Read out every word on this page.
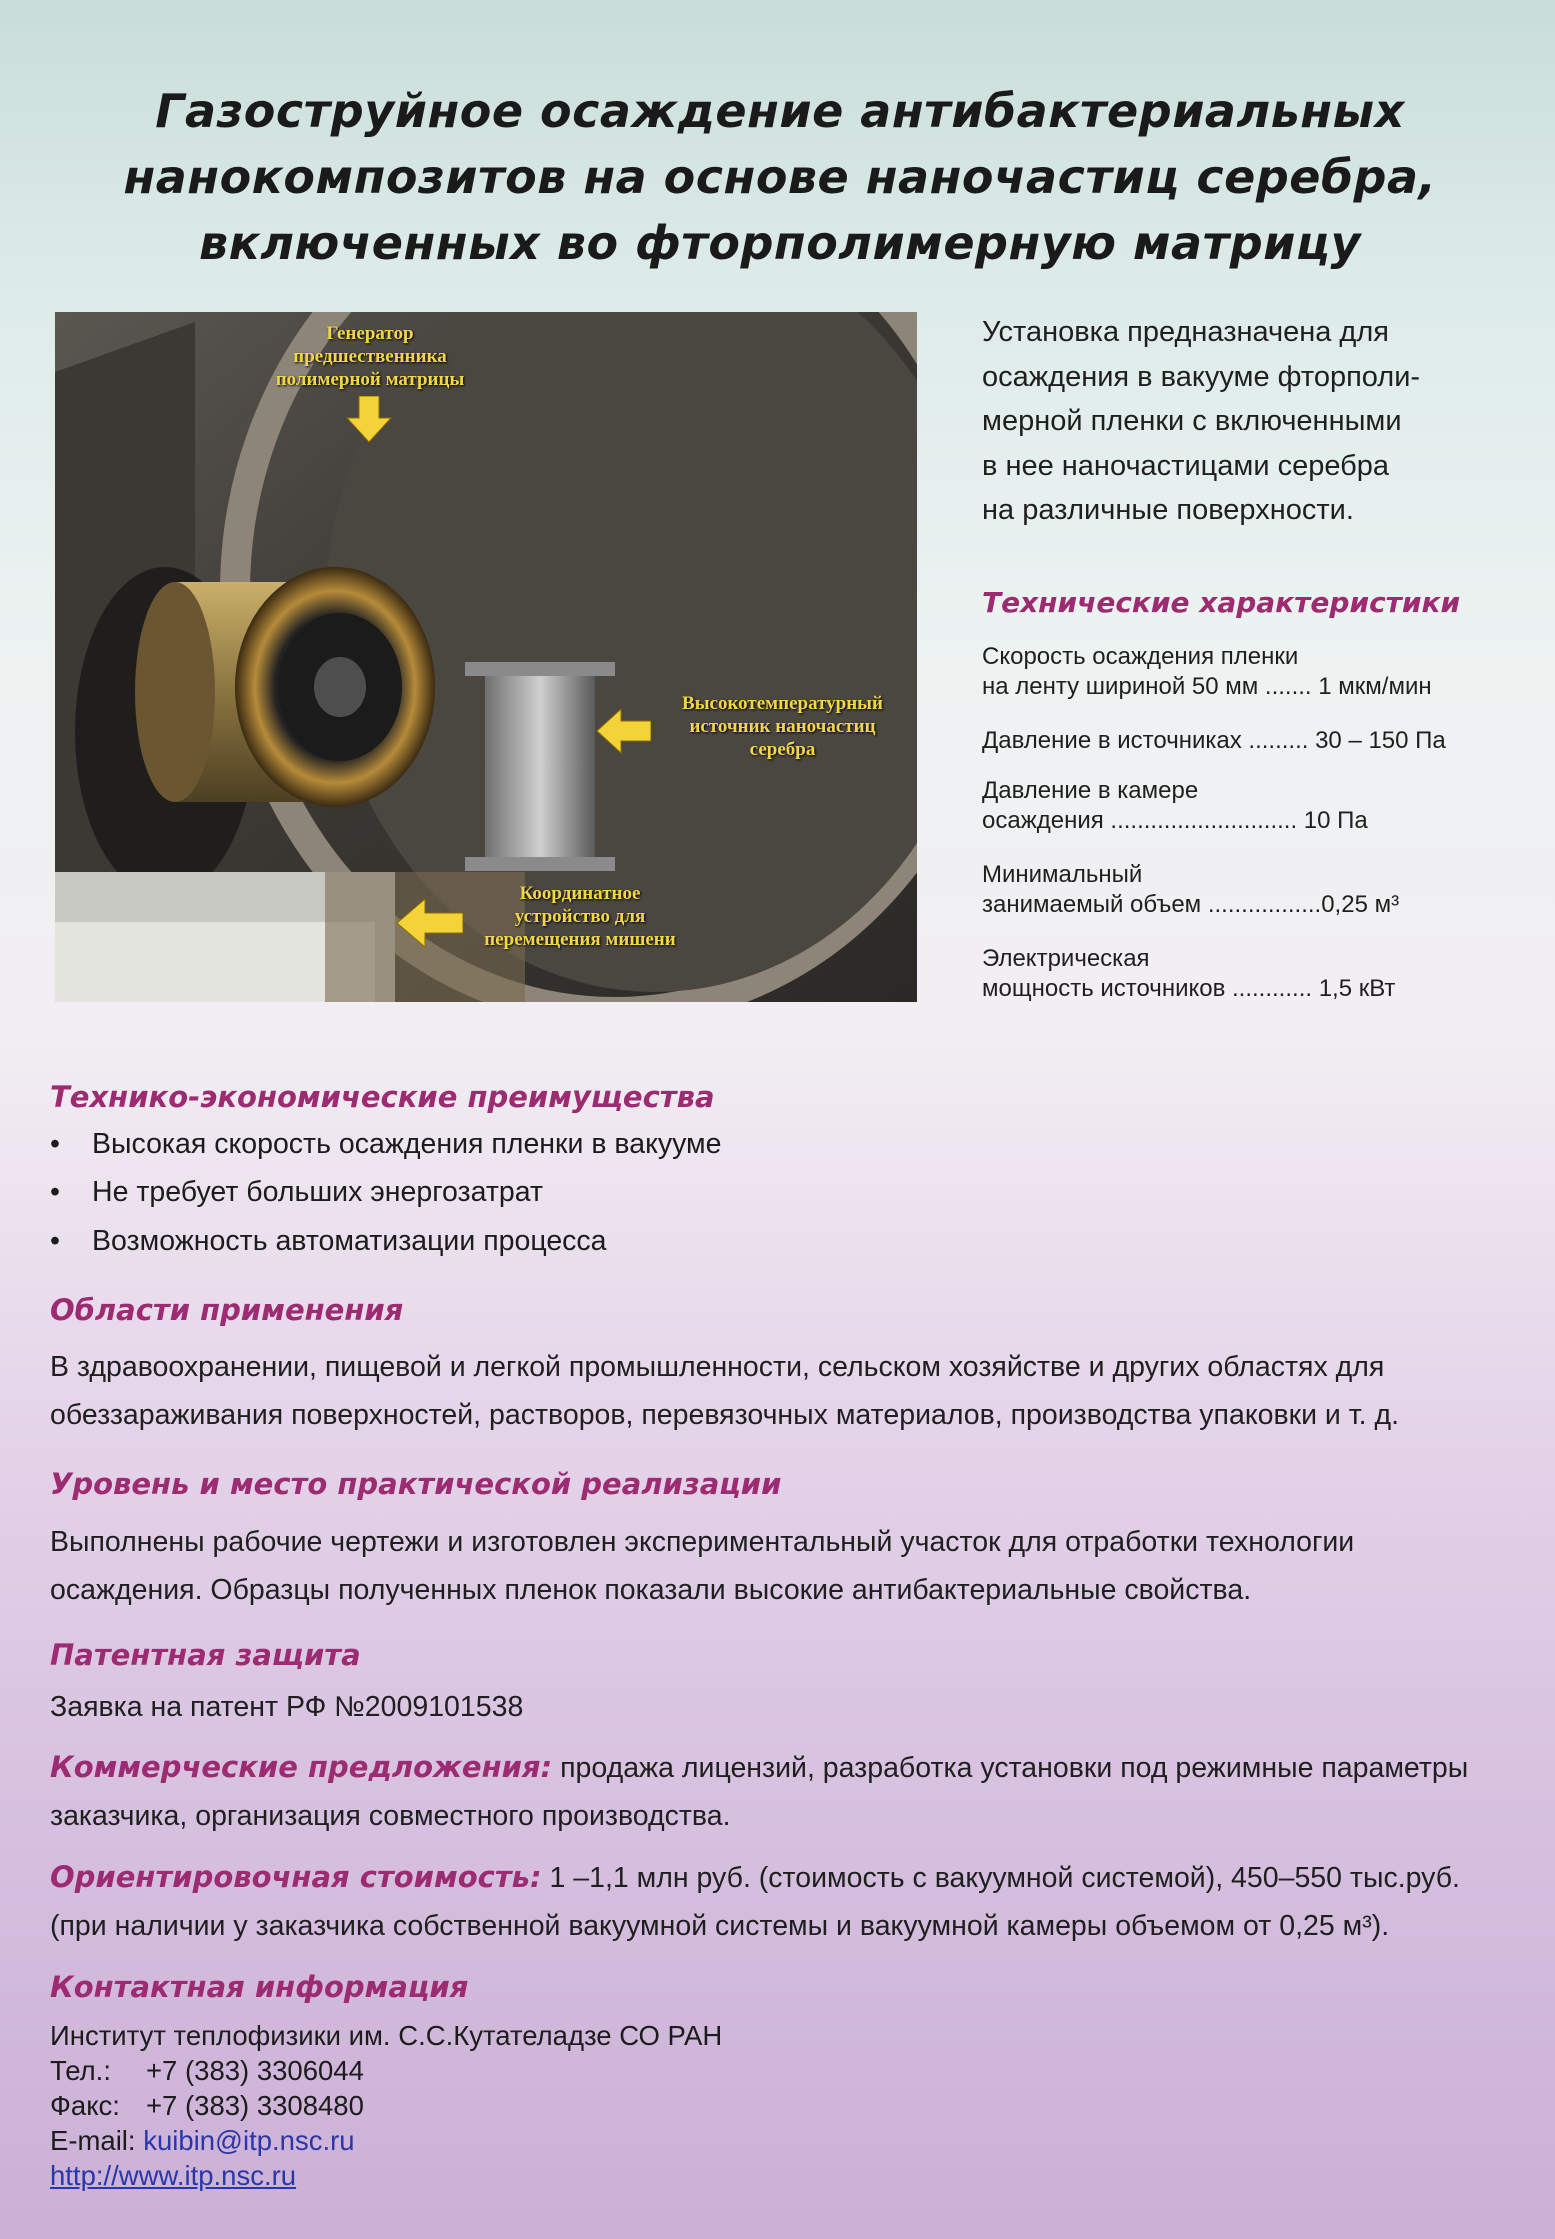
Газоструйное осаждение антибактериальных
нанокомпозитов на основе наночастиц серебра,
включенных во фторполимерную матрицу
Генератор
предшественника
полимерной матрицы
Высокотемпературный
источник наночастиц
серебра
Координатное
устройство для
перемещения мишени
Установка предназначена для
осаждения в вакууме фторполи-
мерной пленки с включенными
в нее наночастицами серебра
на различные поверхности.
Технические характеристики
Скорость осаждения пленки
на ленту шириной 50 мм ....... 1 мкм/мин
Давление в источниках ......... 30 – 150 Па
Давление в камере
осаждения ............................ 10 Па
Минимальный
занимаемый объем .................0,25 м³
Электрическая
мощность источников ............ 1,5 кВт
Технико-экономические преимущества
• Высокая скорость осаждения пленки в вакууме
• Не требует больших энергозатрат
• Возможность автоматизации процесса
Области применения
В здравоохранении, пищевой и легкой промышленности, сельском хозяйстве и других областях для
обеззараживания поверхностей, растворов, перевязочных материалов, производства упаковки и т. д.
Уровень и место практической реализации
Выполнены рабочие чертежи и изготовлен экспериментальный участок для отработки технологии
осаждения. Образцы полученных пленок показали высокие антибактериальные свойства.
Патентная защита
Заявка на патент РФ №2009101538
Коммерческие предложения: продажа лицензий, разработка установки под режимные параметры
заказчика, организация совместного производства.
Ориентировочная стоимость: 1 –1,1 млн руб. (стоимость с вакуумной системой), 450–550 тыс.руб.
(при наличии у заказчика собственной вакуумной системы и вакуумной камеры объемом от 0,25 м³).
Контактная информация
Институт теплофизики им. С.С.Кутателадзе СО РАН
Тел.: +7 (383) 3306044
Факс: +7 (383) 3308480
E-mail: kuibin@itp.nsc.ru
http://www.itp.nsc.ru
